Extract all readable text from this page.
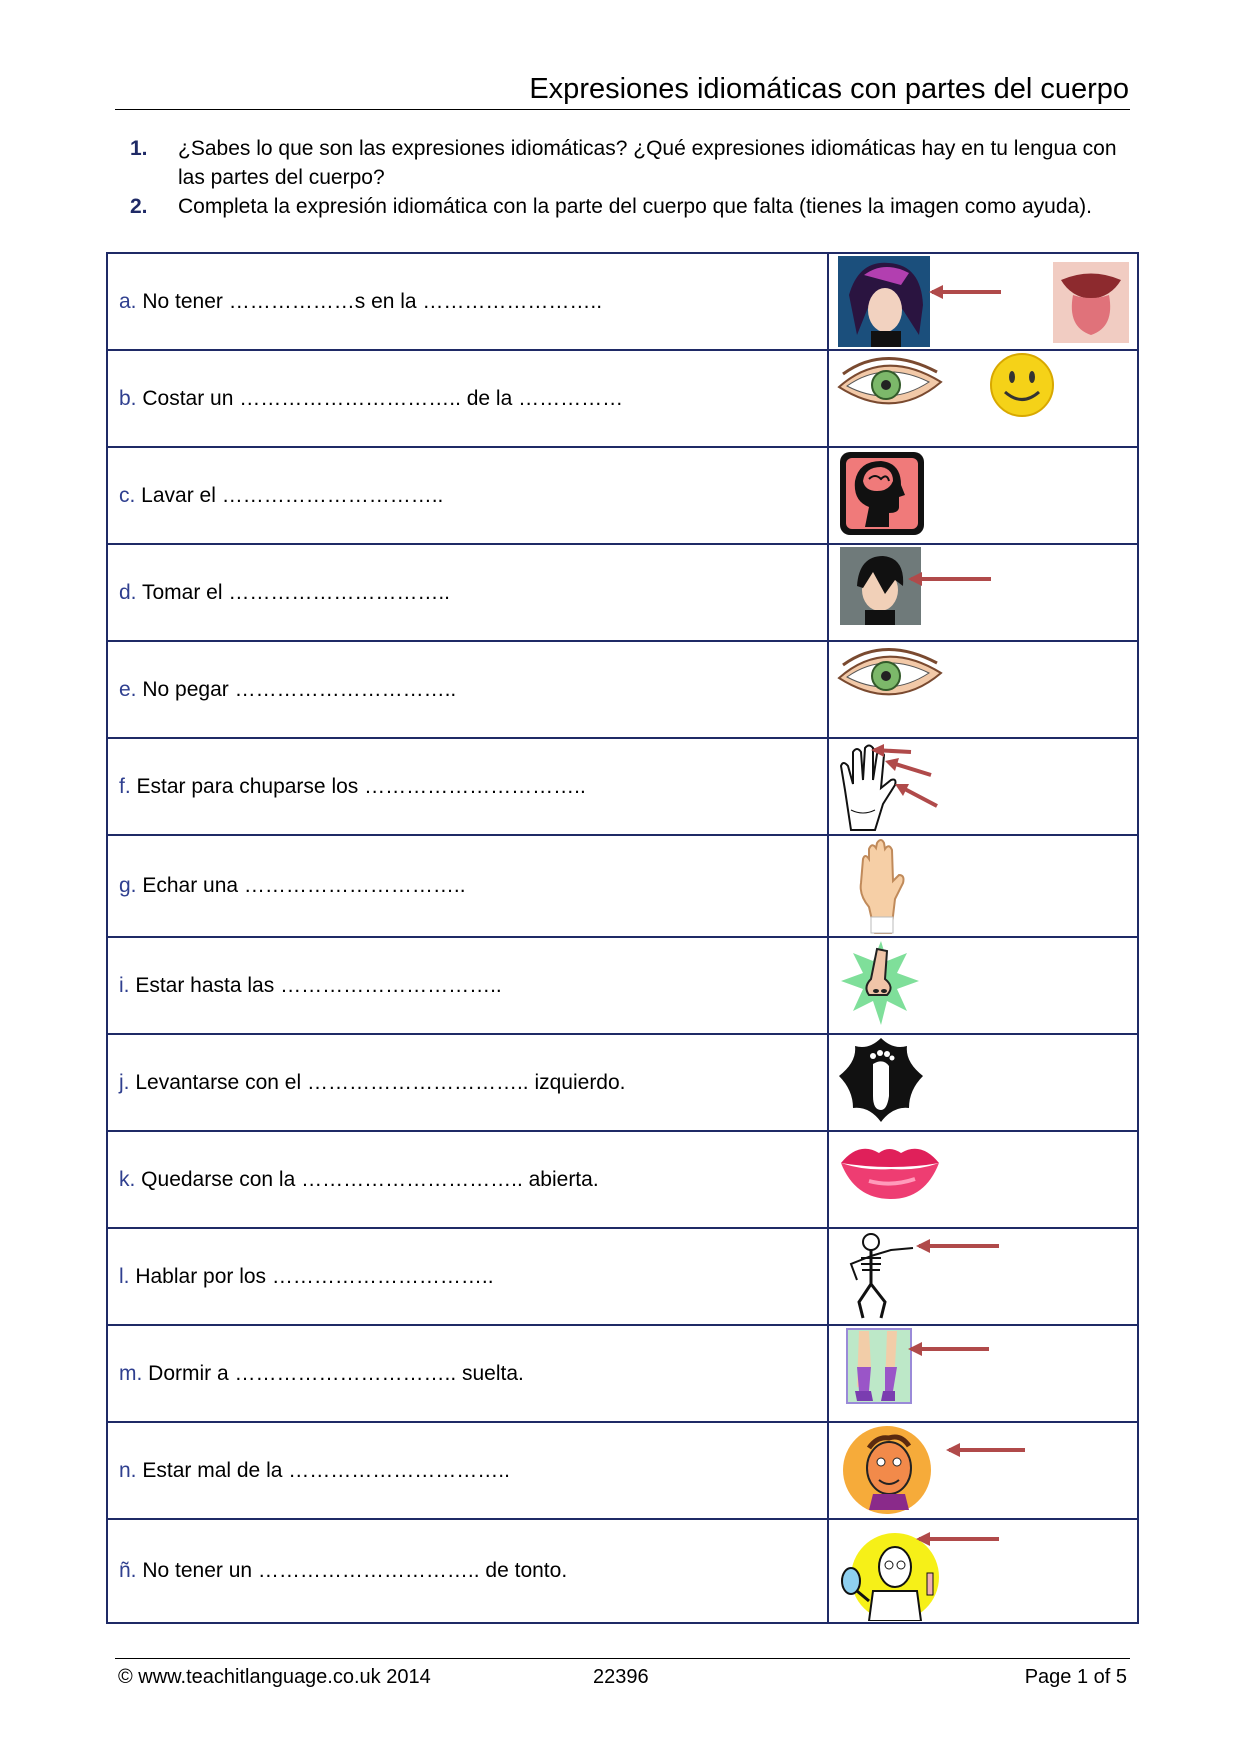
Expresiones idiomáticas con partes del cuerpo
1.	¿Sabes lo que son las expresiones idiomáticas? ¿Qué expresiones idiomáticas hay en tu lengua con las partes del cuerpo?
2.	Completa la expresión idiomática con la parte del cuerpo que falta (tienes la imagen como ayuda).
a. No tener ………………s en la ……………………..	

b. Costar un ………………………….. de la ……………	

c. Lavar el …………………………..	

d. Tomar el …………………………..	

e. No pegar …………………………..	

f. Estar para chuparse los …………………………..	

g. Echar una …………………………..	

i. Estar hasta las …………………………..	

j. Levantarse con el ………………………….. izquierdo.	

k. Quedarse con la ………………………….. abierta.	

l. Hablar por los …………………………..	

m. Dormir a ………………………….. suelta.	

n. Estar mal de la …………………………..	

ñ. No tener un ………………………….. de tonto.	
© www.teachitlanguage.co.uk 2014	22396	Page 1 of 5
